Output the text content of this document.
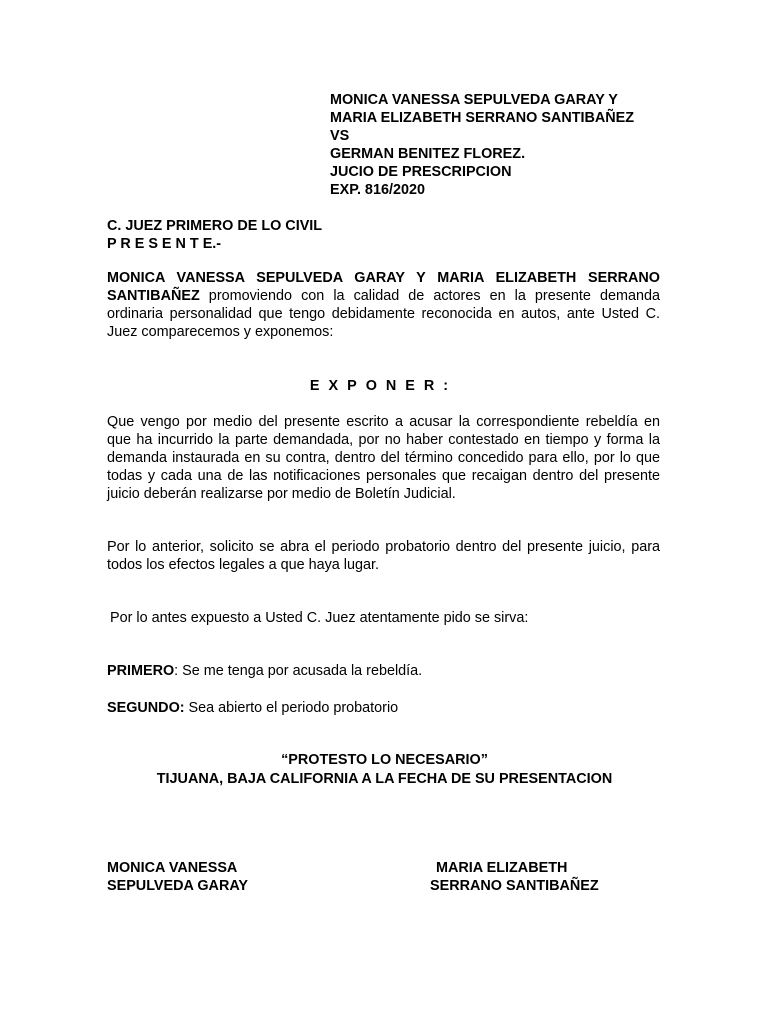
MONICA VANESSA SEPULVEDA GARAY Y
MARIA ELIZABETH SERRANO SANTIBAÑEZ
VS
GERMAN BENITEZ FLOREZ.
JUCIO DE PRESCRIPCION
EXP. 816/2020
C. JUEZ PRIMERO DE LO CIVIL
P R E S E N T E.-
MONICA VANESSA SEPULVEDA GARAY Y MARIA ELIZABETH SERRANO SANTIBAÑEZ promoviendo con la calidad de actores en la presente demanda ordinaria personalidad que tengo debidamente reconocida en autos, ante Usted C. Juez comparecemos y exponemos:
EXPONER:
Que vengo por medio del presente escrito a acusar la correspondiente rebeldía en que ha incurrido la parte demandada, por no haber contestado en tiempo y forma la demanda instaurada en su contra, dentro del término concedido para ello, por lo que todas y cada una de las notificaciones personales que recaigan dentro del presente juicio deberán realizarse por medio de Boletín Judicial.
Por lo anterior, solicito se abra el periodo probatorio dentro del presente juicio, para todos los efectos legales a que haya lugar.
Por lo antes expuesto a Usted C. Juez atentamente pido se sirva:
PRIMERO: Se me tenga por acusada la rebeldía.
SEGUNDO: Sea abierto el periodo probatorio
“PROTESTO LO NECESARIO”
TIJUANA, BAJA CALIFORNIA A LA FECHA DE SU PRESENTACION
MONICA VANESSA
SEPULVEDA GARAY
MARIA ELIZABETH
SERRANO SANTIBAÑEZ
